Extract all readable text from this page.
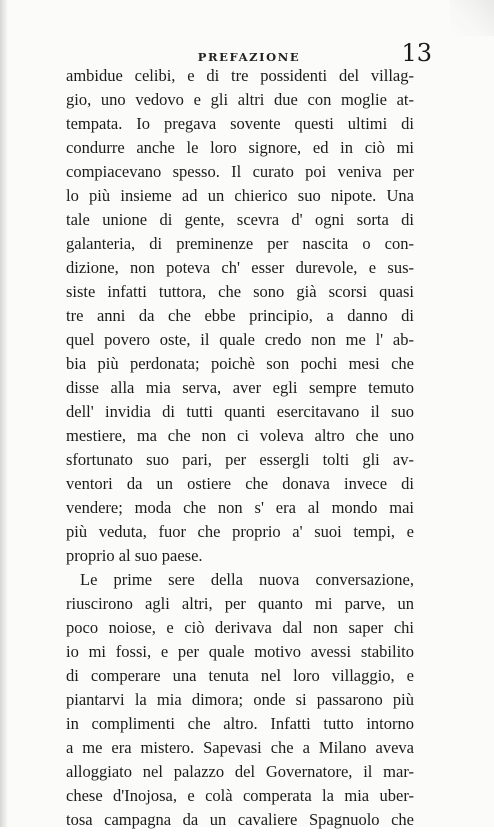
PREFAZIONE	13
ambidue celibi, e di tre possidenti del villag-
gio, uno vedovo e gli altri due con moglie at-
tempata. Io pregava sovente questi ultimi di
condurre anche le loro signore, ed in ciò mi
compiacevano spesso. Il curato poi veniva per
lo più insieme ad un chierico suo nipote. Una
tale unione di gente, scevra d' ogni sorta di
galanteria, di preminenze per nascita o con-
dizione, non poteva ch' esser durevole, e sus-
siste infatti tuttora, che sono già scorsi quasi
tre anni da che ebbe principio, a danno di
quel povero oste, il quale credo non me l' ab-
bia più perdonata; poichè son pochi mesi che
disse alla mia serva, aver egli sempre temuto
dell' invidia di tutti quanti esercitavano il suo
mestiere, ma che non ci voleva altro che uno
sfortunato suo pari, per essergli tolti gli av-
ventori da un ostiere che donava invece di
vendere; moda che non s' era al mondo mai
più veduta, fuor che proprio a' suoi tempi, e
proprio al suo paese.
Le prime sere della nuova conversazione,
riuscirono agli altri, per quanto mi parve, un
poco noiose, e ciò derivava dal non saper chi
io mi fossi, e per quale motivo avessi stabilito
di comperare una tenuta nel loro villaggio, e
piantarvi la mia dimora; onde si passarono più
in complimenti che altro. Infatti tutto intorno
a me era mistero. Sapevasi che a Milano aveva
alloggiato nel palazzo del Governatore, il mar-
chese d'Inojosa, e colà comperata la mia uber-
tosa campagna da un cavaliere Spagnuolo che
